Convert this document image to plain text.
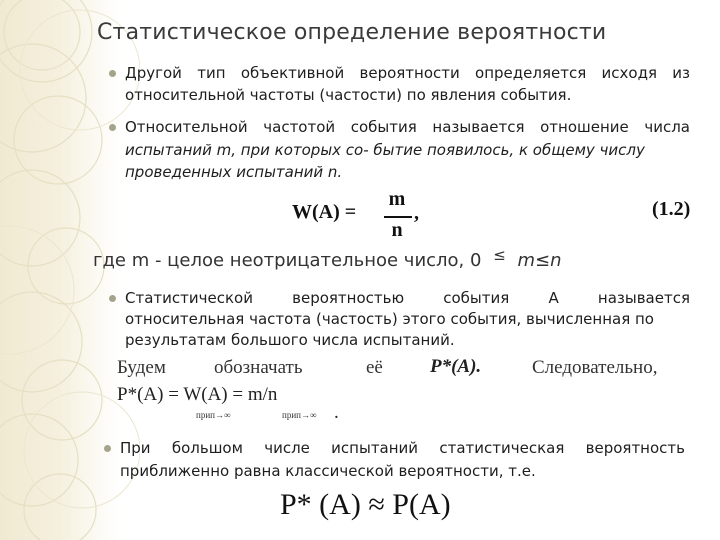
Статистическое определение вероятности
Другой тип объективной вероятности определяется исходя из
относительной частоты (частости) по явления события.
Относительной частотой события называется отношение числа
испытаний m, при которых со- бытие появилось, к общему числу
проведенных испытаний n.
W(A) =
m
n
,	(1.2)
где m - целое неотрицательное число, 0 ≤ m≤n
Статистической вероятностью события А называется
относительная частота (частость) этого события, вычисленная по
результатам большого числа испытаний.
Будем	обозначать	её P*(A).	Следовательно,
P*(A) = W(A) = m/n
прип→∞	прип→∞ .
При большом числе испытаний статистическая вероятность
приближенно равна классической вероятности, т.е.
P* (A) ≈ P(A)
